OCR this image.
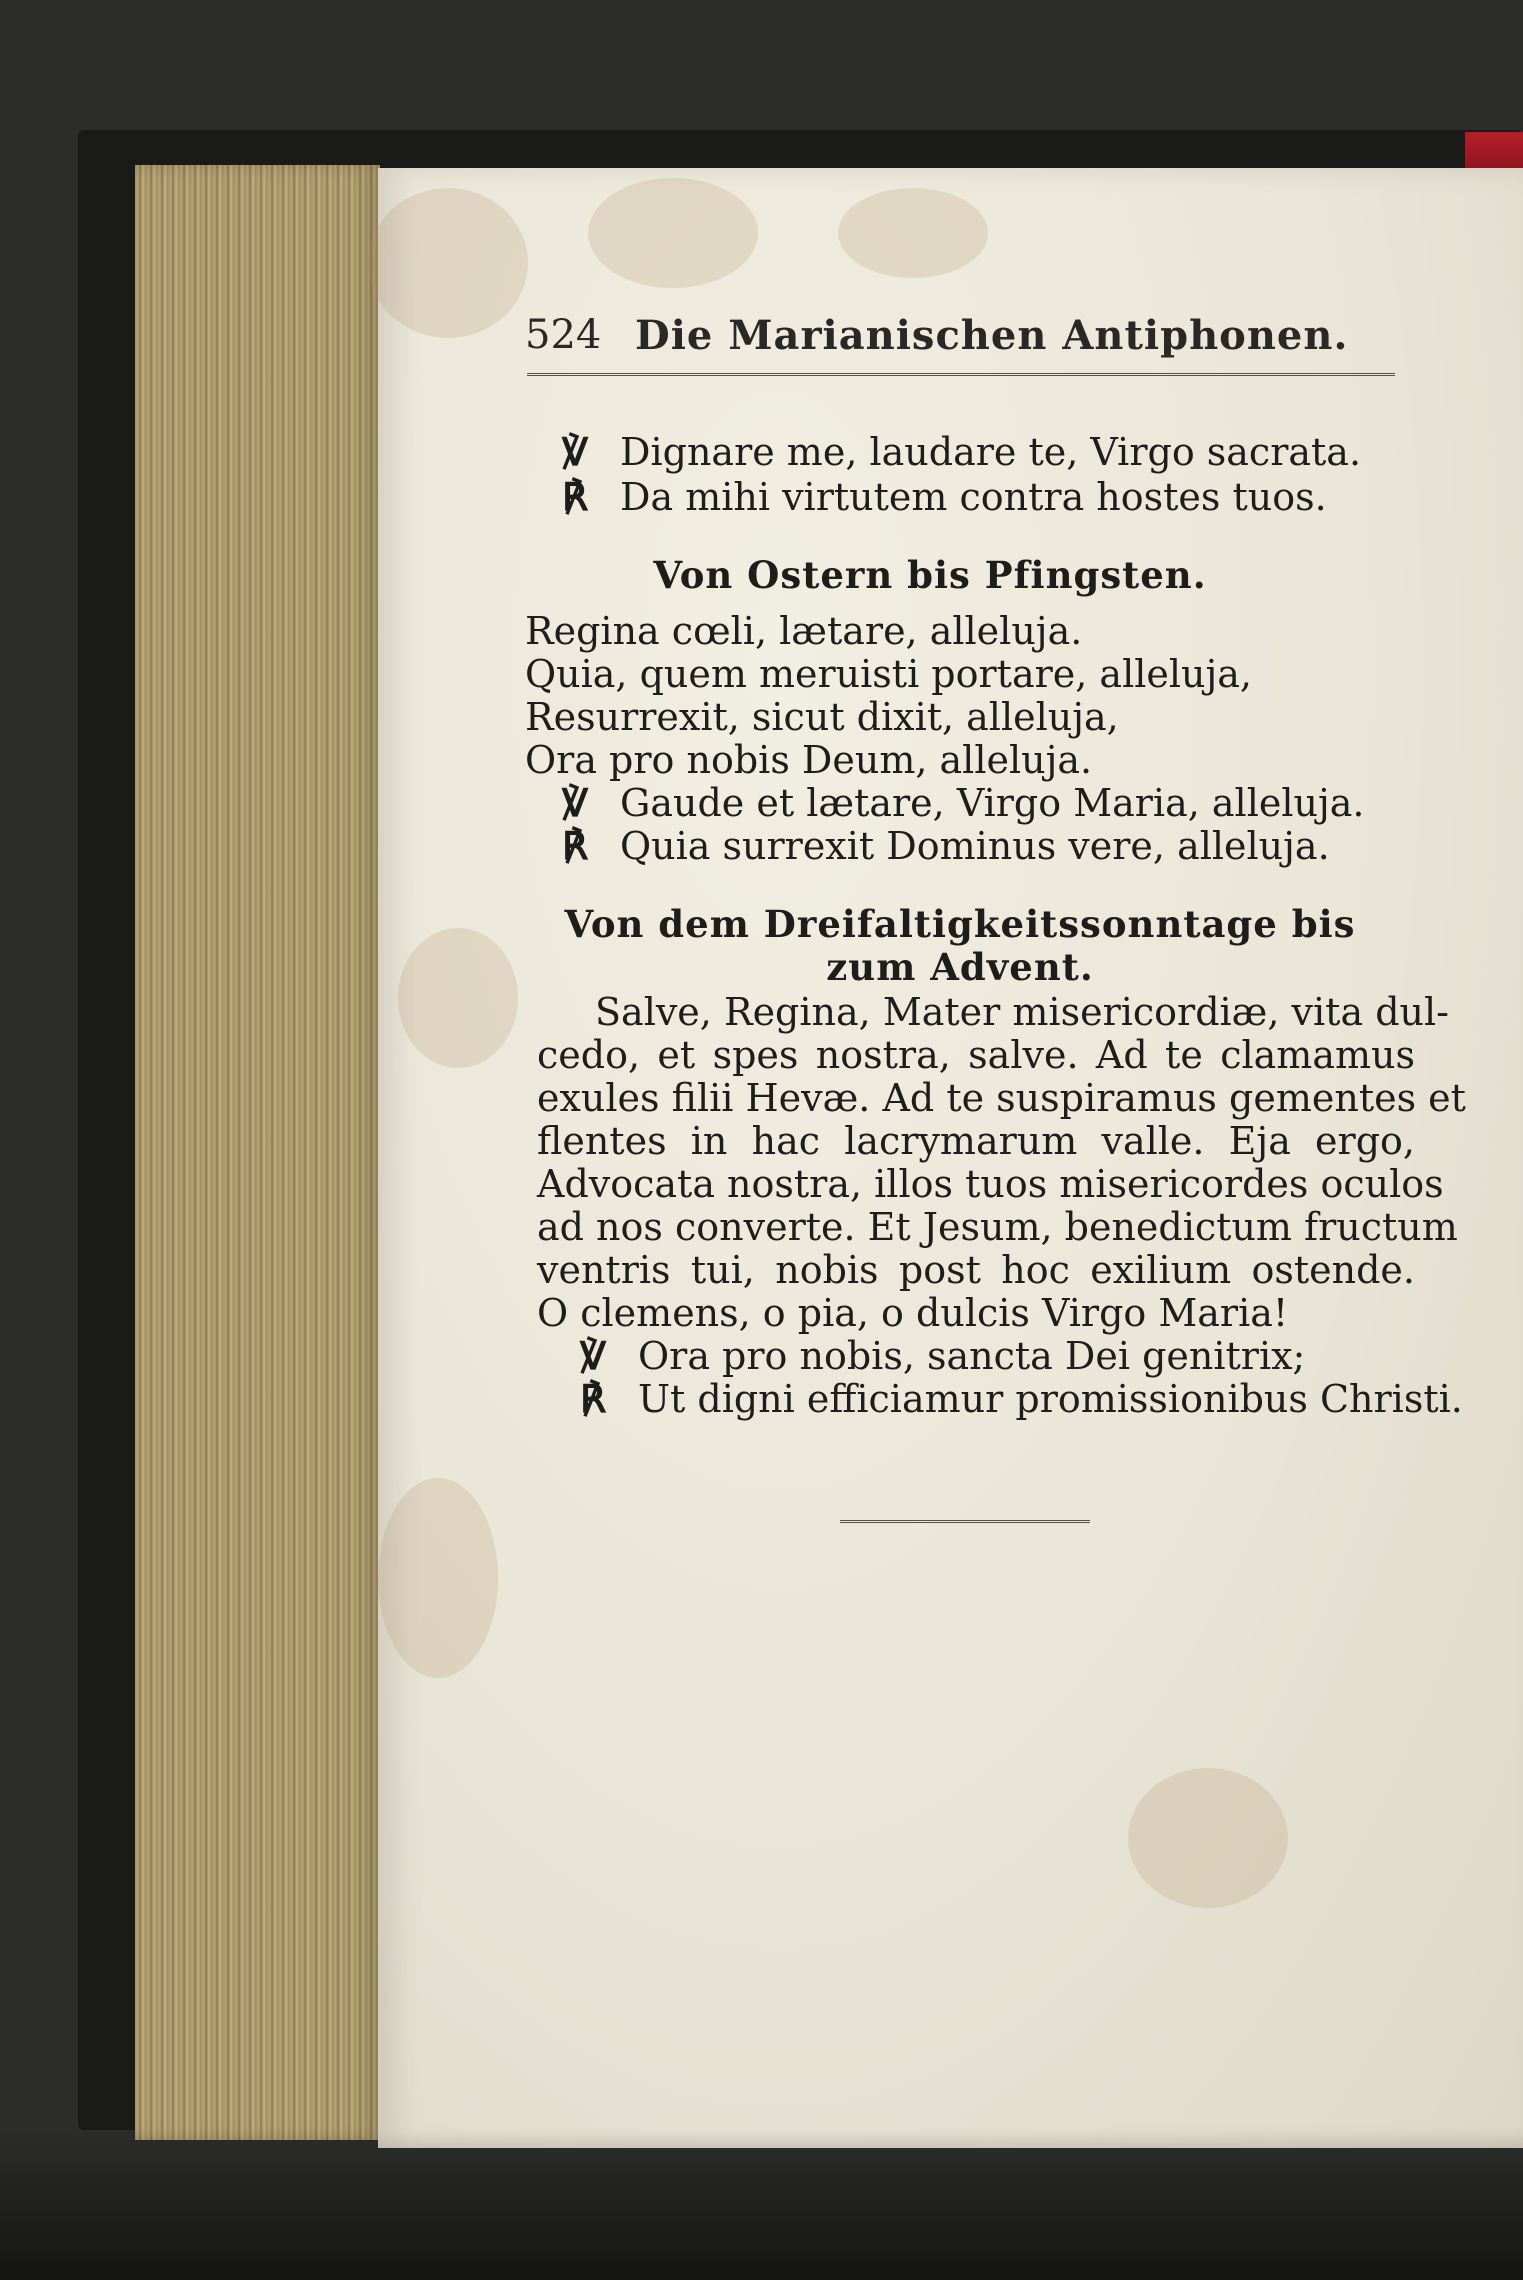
524 Die Marianischen Antiphonen.
℣ Dignare me, laudare te, Virgo sacrata.
℟ Da mihi virtutem contra hostes tuos.
Von Ostern bis Pfingsten.
Regina cœli, lætare, alleluja.
Quia, quem meruisti portare, alleluja,
Resurrexit, sicut dixit, alleluja,
Ora pro nobis Deum, alleluja.
℣ Gaude et lætare, Virgo Maria, alleluja.
℟ Quia surrexit Dominus vere, alleluja.
Von dem Dreifaltigkeitssonntage bis
zum Advent.
Salve, Regina, Mater misericordiæ, vita dul-
cedo, et spes nostra, salve. Ad te clamamus
exules filii Hevæ. Ad te suspiramus gementes et
flentes in hac lacrymarum valle. Eja ergo,
Advocata nostra, illos tuos misericordes oculos
ad nos converte. Et Jesum, benedictum fructum
ventris tui, nobis post hoc exilium ostende.
O clemens, o pia, o dulcis Virgo Maria!
℣ Ora pro nobis, sancta Dei genitrix;
℟ Ut digni efficiamur promissionibus Christi.
